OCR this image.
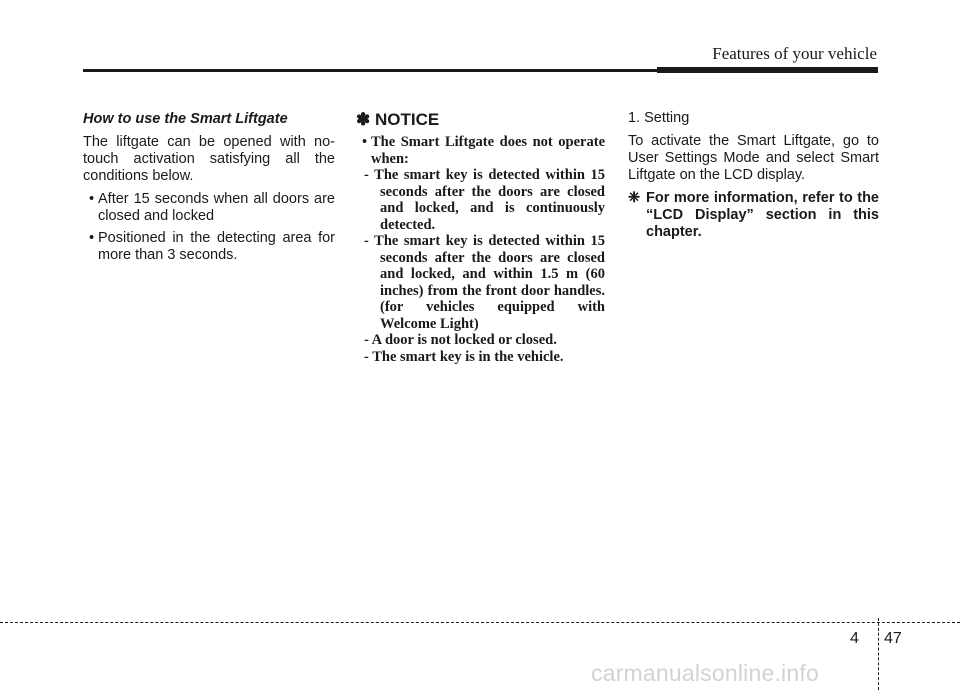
Features of your vehicle

How to use the Smart Liftgate

The liftgate can be opened with no-touch activation satisfying all the conditions below.

• After 15 seconds when all doors are closed and locked
• Positioned in the detecting area for more than 3 seconds.

✽ NOTICE

• The Smart Liftgate does not operate when:

- The smart key is detected within 15 seconds after the doors are closed and locked, and is continuously detected.
- The smart key is detected within 15 seconds after the doors are closed and locked, and within 1.5 m (60 inches) from the front door handles. (for vehicles equipped with Welcome Light)
- A door is not locked or closed.
- The smart key is in the vehicle.

1. Setting

To activate the Smart Liftgate, go to User Settings Mode and select Smart Liftgate on the LCD display.

❈ For more information, refer to the “LCD Display” section in this chapter.

4 47
carmanualsonline.info
